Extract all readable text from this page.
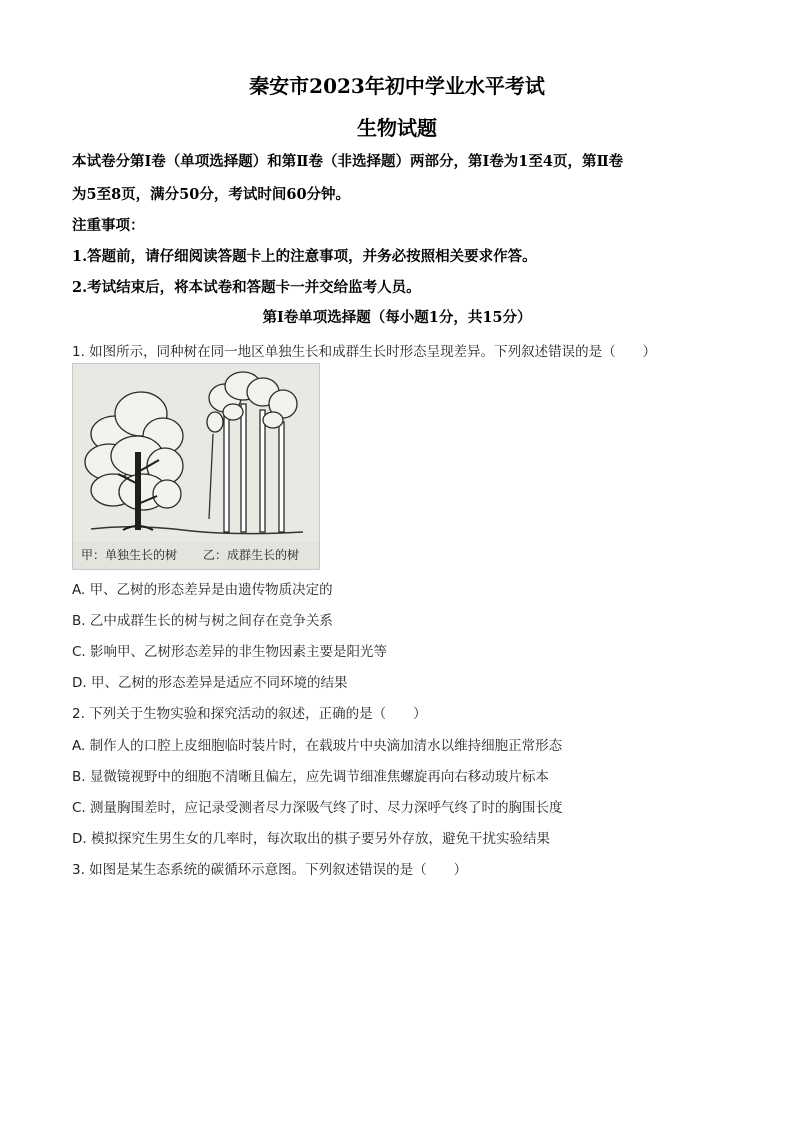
秦安市2023年初中学业水平考试
生物试题
本试卷分第Ⅰ卷（单项选择题）和第Ⅱ卷（非选择题）两部分，第Ⅰ卷为1至4页，第Ⅱ卷
为5至8页，满分50分，考试时间60分钟。
注重事项：
1.答题前，请仔细阅读答题卡上的注意事项，并务必按照相关要求作答。
2.考试结束后，将本试卷和答题卡一并交给监考人员。
第Ⅰ卷单项选择题（每小题1分，共15分）
1. 如图所示，同种树在同一地区单独生长和成群生长时形态呈现差异。下列叙述错误的是（　　）
甲：单独生长的树 乙：成群生长的树
A. 甲、乙树的形态差异是由遗传物质决定的
B. 乙中成群生长的树与树之间存在竞争关系
C. 影响甲、乙树形态差异的非生物因素主要是阳光等
D. 甲、乙树的形态差异是适应不同环境的结果
2. 下列关于生物实验和探究活动的叙述，正确的是（　　）
A. 制作人的口腔上皮细胞临时装片时，在载玻片中央滴加清水以维持细胞正常形态
B. 显微镜视野中的细胞不清晰且偏左，应先调节细准焦螺旋再向右移动玻片标本
C. 测量胸围差时，应记录受测者尽力深吸气终了时、尽力深呼气终了时的胸围长度
D. 模拟探究生男生女的几率时，每次取出的棋子要另外存放，避免干扰实验结果
3. 如图是某生态系统的碳循环示意图。下列叙述错误的是（　　）
